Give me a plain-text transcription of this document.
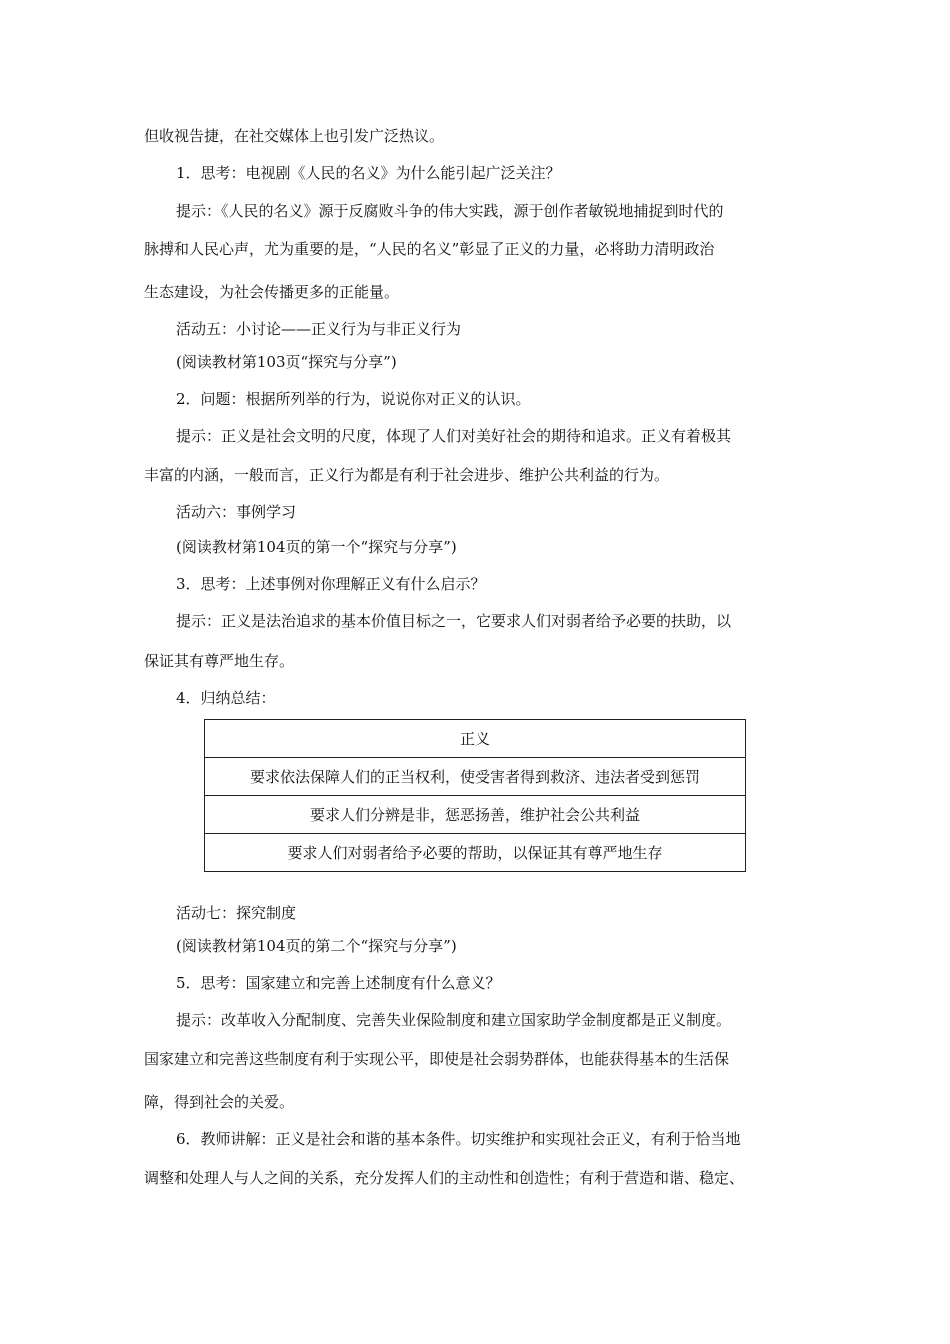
但收视告捷，在社交媒体上也引发广泛热议。
1．思考：电视剧《人民的名义》为什么能引起广泛关注？
提示：《人民的名义》源于反腐败斗争的伟大实践，源于创作者敏锐地捕捉到时代的
脉搏和人民心声，尤为重要的是，“人民的名义”彰显了正义的力量，必将助力清明政治
生态建设，为社会传播更多的正能量。
活动五：小讨论——正义行为与非正义行为
(阅读教材第103页“探究与分享”)
2．问题：根据所列举的行为，说说你对正义的认识。
提示：正义是社会文明的尺度，体现了人们对美好社会的期待和追求。正义有着极其
丰富的内涵，一般而言，正义行为都是有利于社会进步、维护公共利益的行为。
活动六：事例学习
(阅读教材第104页的第一个“探究与分享”)
3．思考：上述事例对你理解正义有什么启示？
提示：正义是法治追求的基本价值目标之一，它要求人们对弱者给予必要的扶助，以
保证其有尊严地生存。
4．归纳总结：
正义
要求依法保障人们的正当权利，使受害者得到救济、违法者受到惩罚
要求人们分辨是非，惩恶扬善，维护社会公共利益
要求人们对弱者给予必要的帮助，以保证其有尊严地生存
活动七：探究制度
(阅读教材第104页的第二个“探究与分享”)
5．思考：国家建立和完善上述制度有什么意义？
提示：改革收入分配制度、完善失业保险制度和建立国家助学金制度都是正义制度。
国家建立和完善这些制度有利于实现公平，即使是社会弱势群体，也能获得基本的生活保
障，得到社会的关爱。
6．教师讲解：正义是社会和谐的基本条件。切实维护和实现社会正义，有利于恰当地
调整和处理人与人之间的关系，充分发挥人们的主动性和创造性；有利于营造和谐、稳定、
